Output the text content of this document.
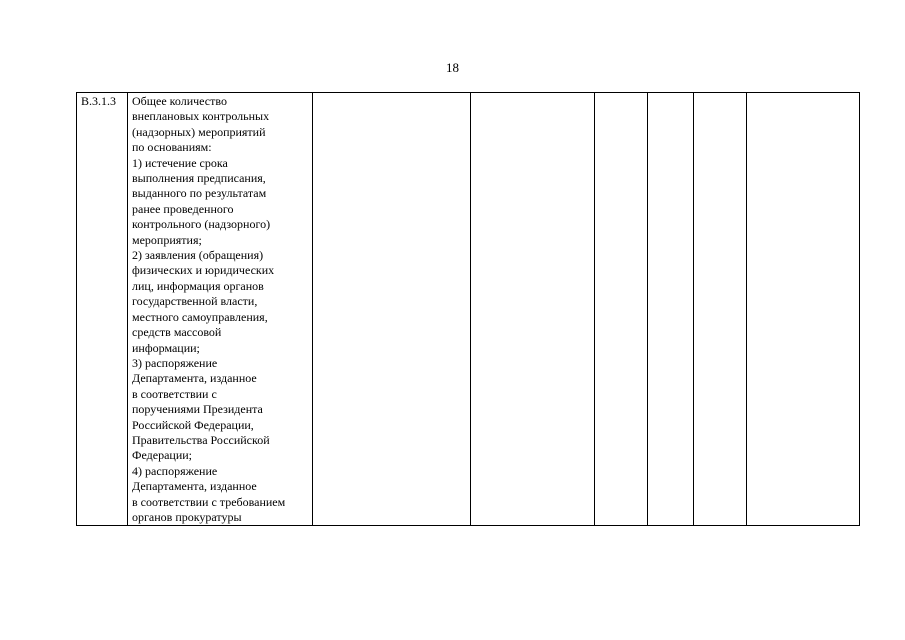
18
В.3.1.3	Общее количество
внеплановых контрольных
(надзорных) мероприятий
по основаниям:
1) истечение срока
выполнения предписания,
выданного по результатам
ранее проведенного
контрольного (надзорного)
мероприятия;
2) заявления (обращения)
физических и юридических
лиц, информация органов
государственной власти,
местного самоуправления,
средств массовой
информации;
3) распоряжение
Департамента, изданное
в соответствии с
поручениями Президента
Российской Федерации,
Правительства Российской
Федерации;
4) распоряжение
Департамента, изданное
в соответствии с требованием
органов прокуратуры
